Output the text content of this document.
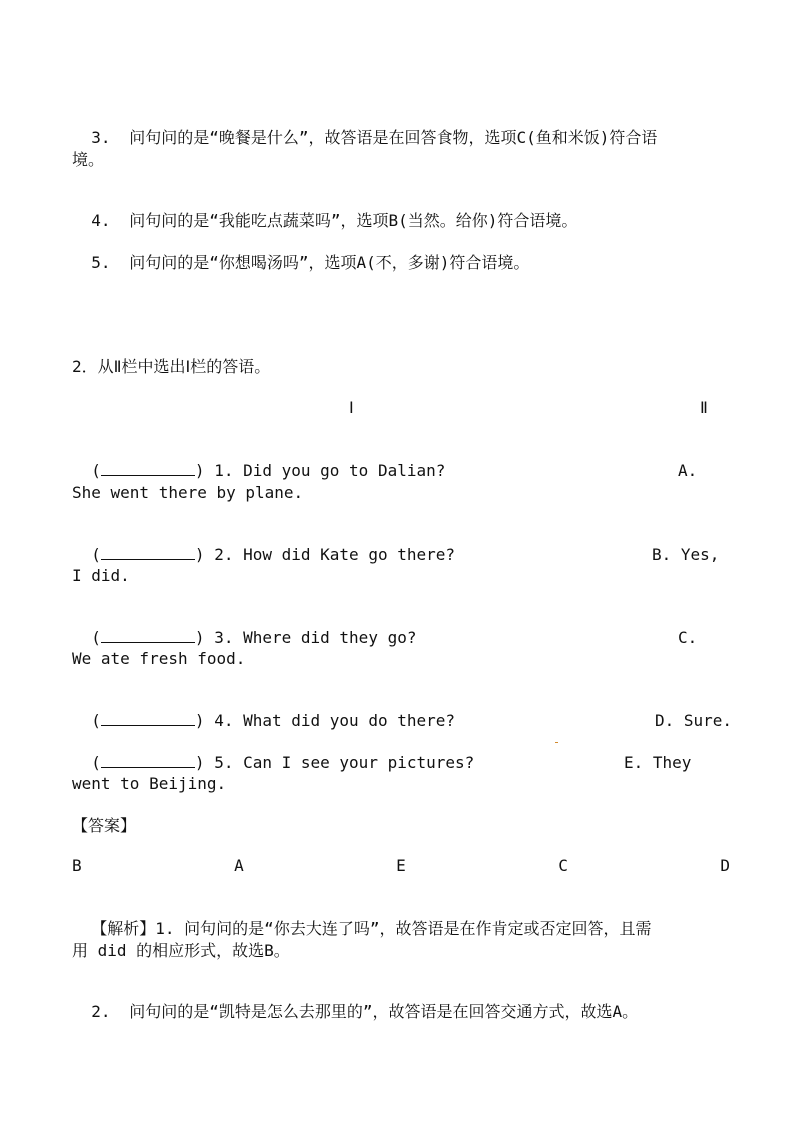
3. 问句问的是“晚餐是什么”，故答语是在回答食物，选项C(鱼和米饭)符合语

境。

4. 问句问的是“我能吃点蔬菜吗”，选项B(当然。给你)符合语境。

5. 问句问的是“你想喝汤吗”，选项A(不，多谢)符合语境。

2．从Ⅱ栏中选出Ⅰ栏的答语。
Ⅰ	Ⅱ

(	) 1. Did you go to Dalian?	A.

She went there by plane.

(	) 2. How did Kate go there?	B. Yes,

I did.

(	) 3. Where did they go?	C.

We ate fresh food.

(	) 4. What did you do there?	D. Sure.

(	) 5. Can I see your pictures?	E. They

went to Beijing.
【答案】
B	A	E	C	D

【解析】1. 问句问的是“你去大连了吗”，故答语是在作肯定或否定回答，且需

用 did 的相应形式，故选B。

2. 问句问的是“凯特是怎么去那里的”，故答语是在回答交通方式，故选A。
